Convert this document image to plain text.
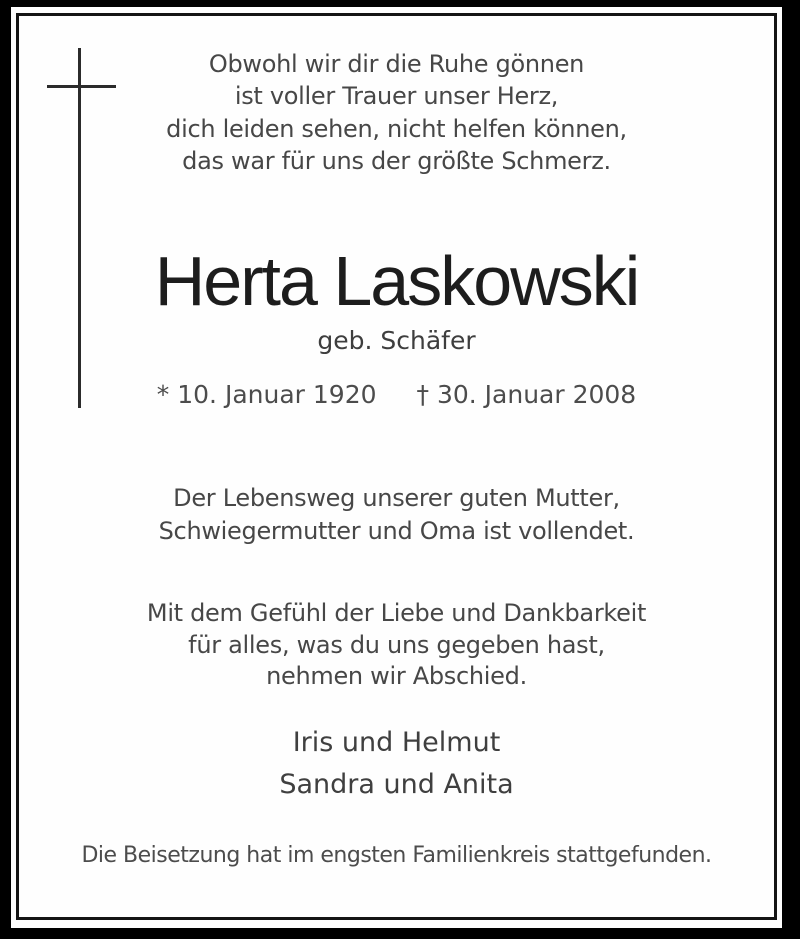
Obwohl wir dir die Ruhe gönnen
ist voller Trauer unser Herz,
dich leiden sehen, nicht helfen können,
das war für uns der größte Schmerz.
Herta Laskowski
geb. Schäfer
* 10. Januar 1920 † 30. Januar 2008
Der Lebensweg unserer guten Mutter,
Schwiegermutter und Oma ist vollendet.
Mit dem Gefühl der Liebe und Dankbarkeit
für alles, was du uns gegeben hast,
nehmen wir Abschied.
Iris und Helmut
Sandra und Anita
Die Beisetzung hat im engsten Familienkreis stattgefunden.
